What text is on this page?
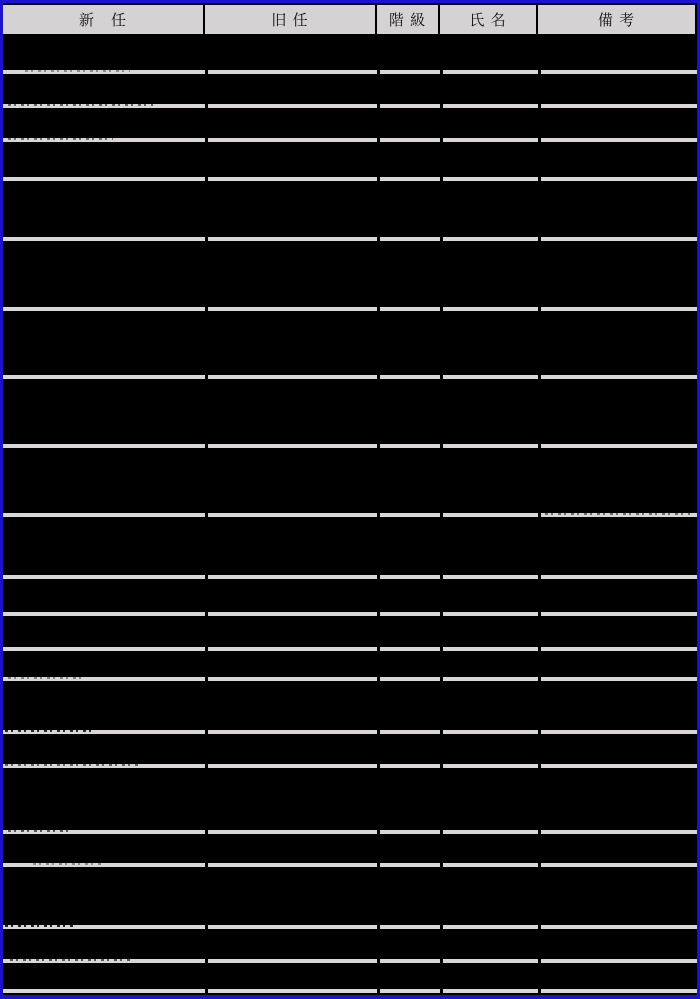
新　任	旧 任	階 級	氏 名	備 考
